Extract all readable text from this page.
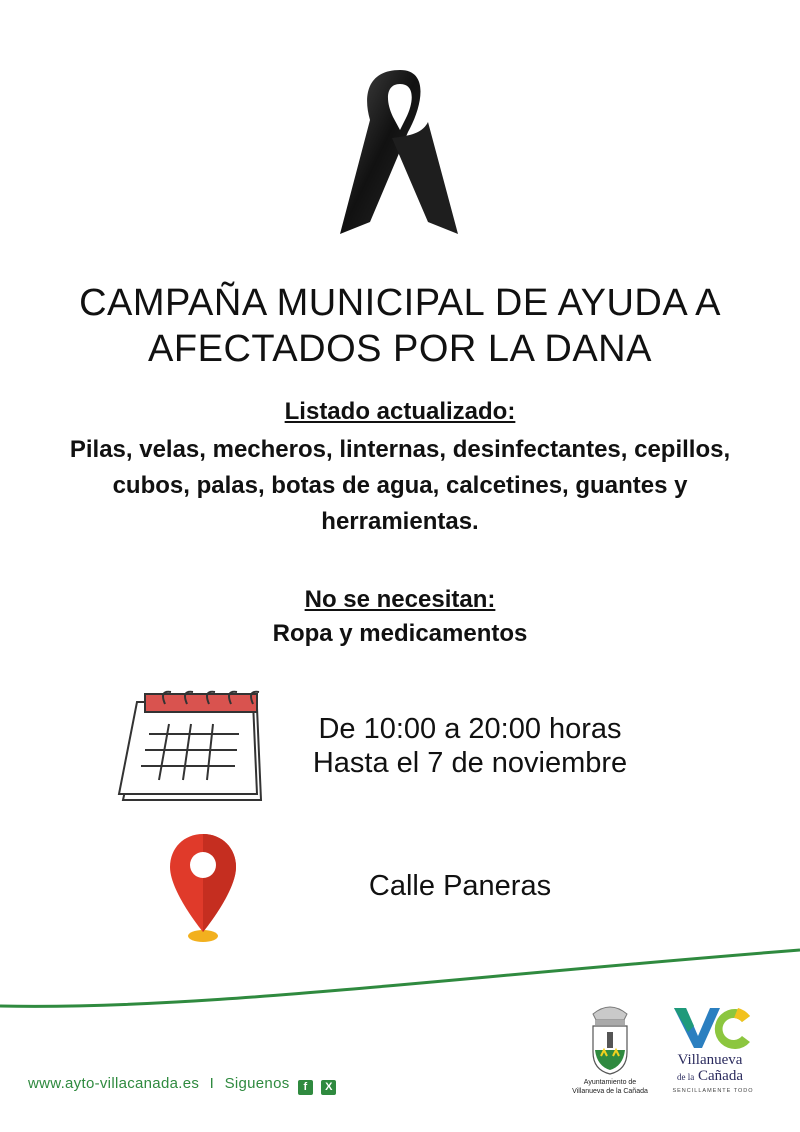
CAMPAÑA MUNICIPAL DE AYUDA A
AFECTADOS POR LA DANA
Listado actualizado:
Pilas, velas, mecheros, linternas, desinfectantes, cepillos,
cubos, palas, botas de agua, calcetines, guantes y
herramientas.
No se necesitan:
Ropa y medicamentos
De 10:00 a 20:00 horas
Hasta el 7 de noviembre
Calle Paneras
www.ayto-villacanada.es I Siguenos f X	Ayuntamiento de
Villanueva de la Cañada
Villanueva
de la Cañada
SENCILLAMENTE TODO
